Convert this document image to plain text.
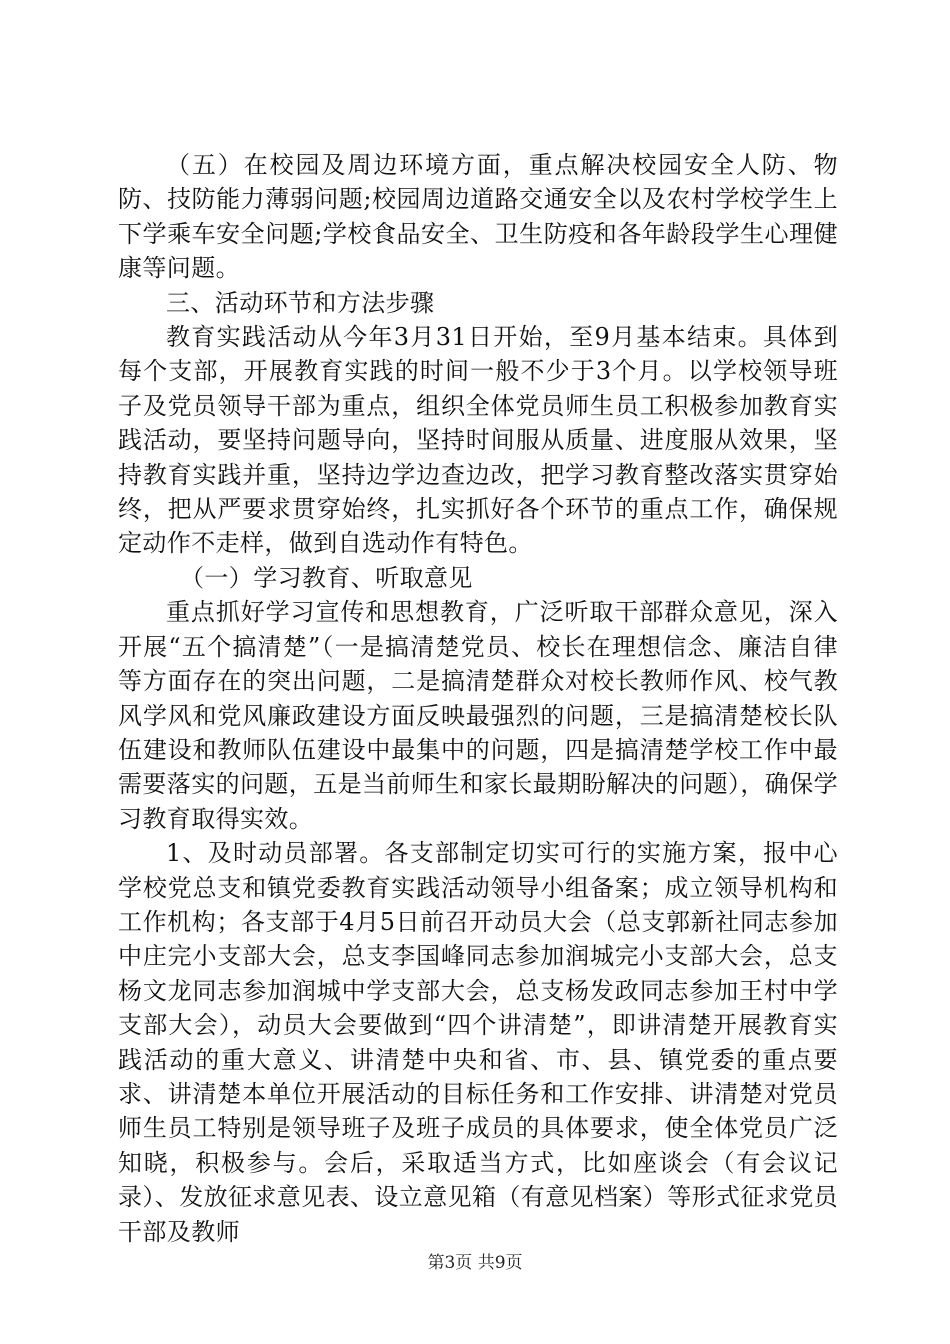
（五）在校园及周边环境方面，重点解决校园安全人防、物防、技防能力薄弱问题;校园周边道路交通安全以及农村学校学生上下学乘车安全问题;学校食品安全、卫生防疫和各年龄段学生心理健康等问题。

三、活动环节和方法步骤

教育实践活动从今年3月31日开始，至9月基本结束。具体到每个支部，开展教育实践的时间一般不少于3个月。以学校领导班子及党员领导干部为重点，组织全体党员师生员工积极参加教育实践活动，要坚持问题导向，坚持时间服从质量、进度服从效果，坚持教育实践并重，坚持边学边查边改，把学习教育整改落实贯穿始终，把从严要求贯穿始终，扎实抓好各个环节的重点工作，确保规定动作不走样，做到自选动作有特色。

（一）学习教育、听取意见

重点抓好学习宣传和思想教育，广泛听取干部群众意见，深入开展“五个搞清楚”（一是搞清楚党员、校长在理想信念、廉洁自律等方面存在的突出问题，二是搞清楚群众对校长教师作风、校气教风学风和党风廉政建设方面反映最强烈的问题，三是搞清楚校长队伍建设和教师队伍建设中最集中的问题，四是搞清楚学校工作中最需要落实的问题，五是当前师生和家长最期盼解决的问题），确保学习教育取得实效。

1、及时动员部署。各支部制定切实可行的实施方案，报中心学校党总支和镇党委教育实践活动领导小组备案；成立领导机构和工作机构；各支部于4月5日前召开动员大会（总支郭新社同志参加中庄完小支部大会，总支李国峰同志参加润城完小支部大会，总支杨文龙同志参加润城中学支部大会，总支杨发政同志参加王村中学支部大会），动员大会要做到“四个讲清楚”，即讲清楚开展教育实践活动的重大意义、讲清楚中央和省、市、县、镇党委的重点要求、讲清楚本单位开展活动的目标任务和工作安排、讲清楚对党员师生员工特别是领导班子及班子成员的具体要求，使全体党员广泛知晓，积极参与。会后，采取适当方式，比如座谈会（有会议记录）、发放征求意见表、设立意见箱（有意见档案）等形式征求党员干部及教师

第3页 共9页
